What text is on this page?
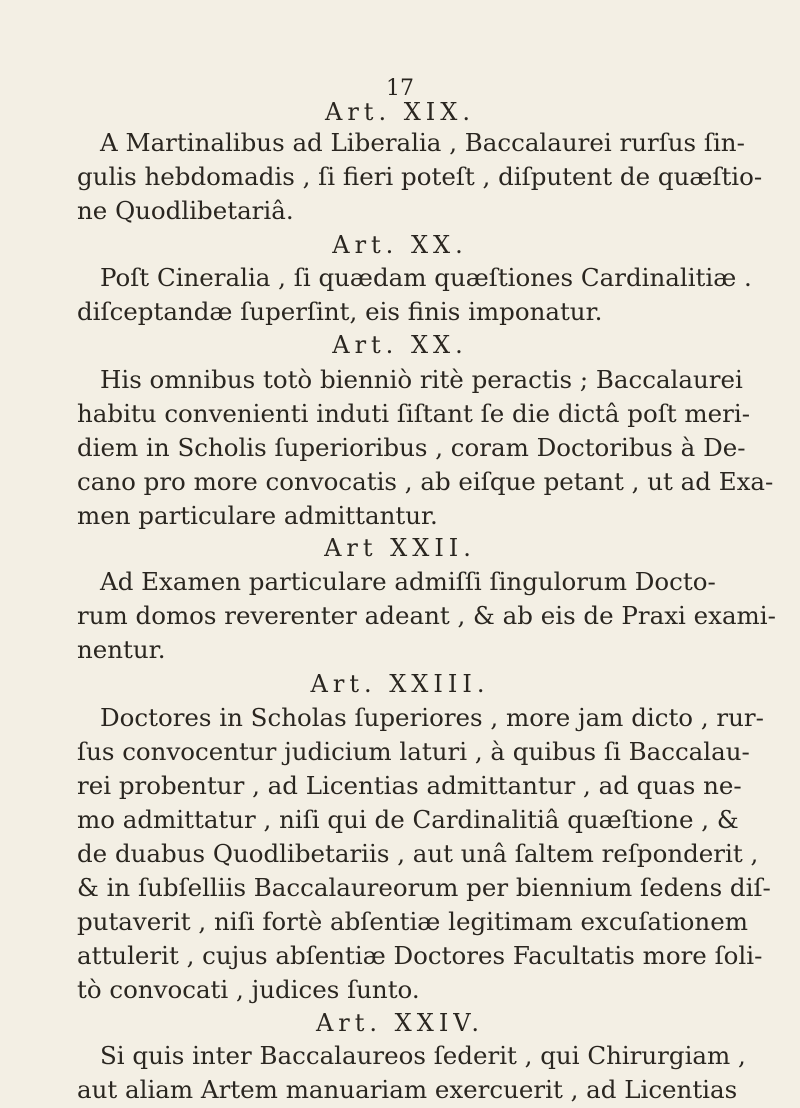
17
Art. XIX.
A Martinalibus ad Liberalia , Baccalaurei rurſus ſin-
gulis hebdomadis , ſi fieri poteſt , diſputent de quæſtio-
ne Quodlibetariâ.
Art. XX.
Poſt Cineralia , ſi quædam quæſtiones Cardinalitiæ .
diſceptandæ ſuperſint, eis finis imponatur.
Art. XX.
His omnibus totò bienniò ritè peractis ; Baccalaurei
habitu convenienti induti ſiſtant ſe die dictâ poſt meri-
diem in Scholis ſuperioribus , coram Doctoribus à De-
cano pro more convocatis , ab eiſque petant , ut ad Exa-
men particulare admittantur.
Art XXII.
Ad Examen particulare admiſſi ſingulorum Docto-
rum domos reverenter adeant , & ab eis de Praxi exami-
nentur.
Art. XXIII.
Doctores in Scholas ſuperiores , more jam dicto , rur-
ſus convocentur judicium laturi , à quibus ſi Baccalau-
rei probentur , ad Licentias admittantur , ad quas ne-
mo admittatur , niſi qui de Cardinalitiâ quæſtione , &
de duabus Quodlibetariis , aut unâ ſaltem reſponderit ,
& in ſubſelliis Baccalaureorum per biennium ſedens diſ-
putaverit , niſi fortè abſentiæ legitimam excuſationem
attulerit , cujus abſentiæ Doctores Facultatis more ſoli-
tò convocati , judices ſunto.
Art. XXIV.
Si quis inter Baccalaureos ſederit , qui Chirurgiam ,
aut aliam Artem manuariam exercuerit , ad Licentias
